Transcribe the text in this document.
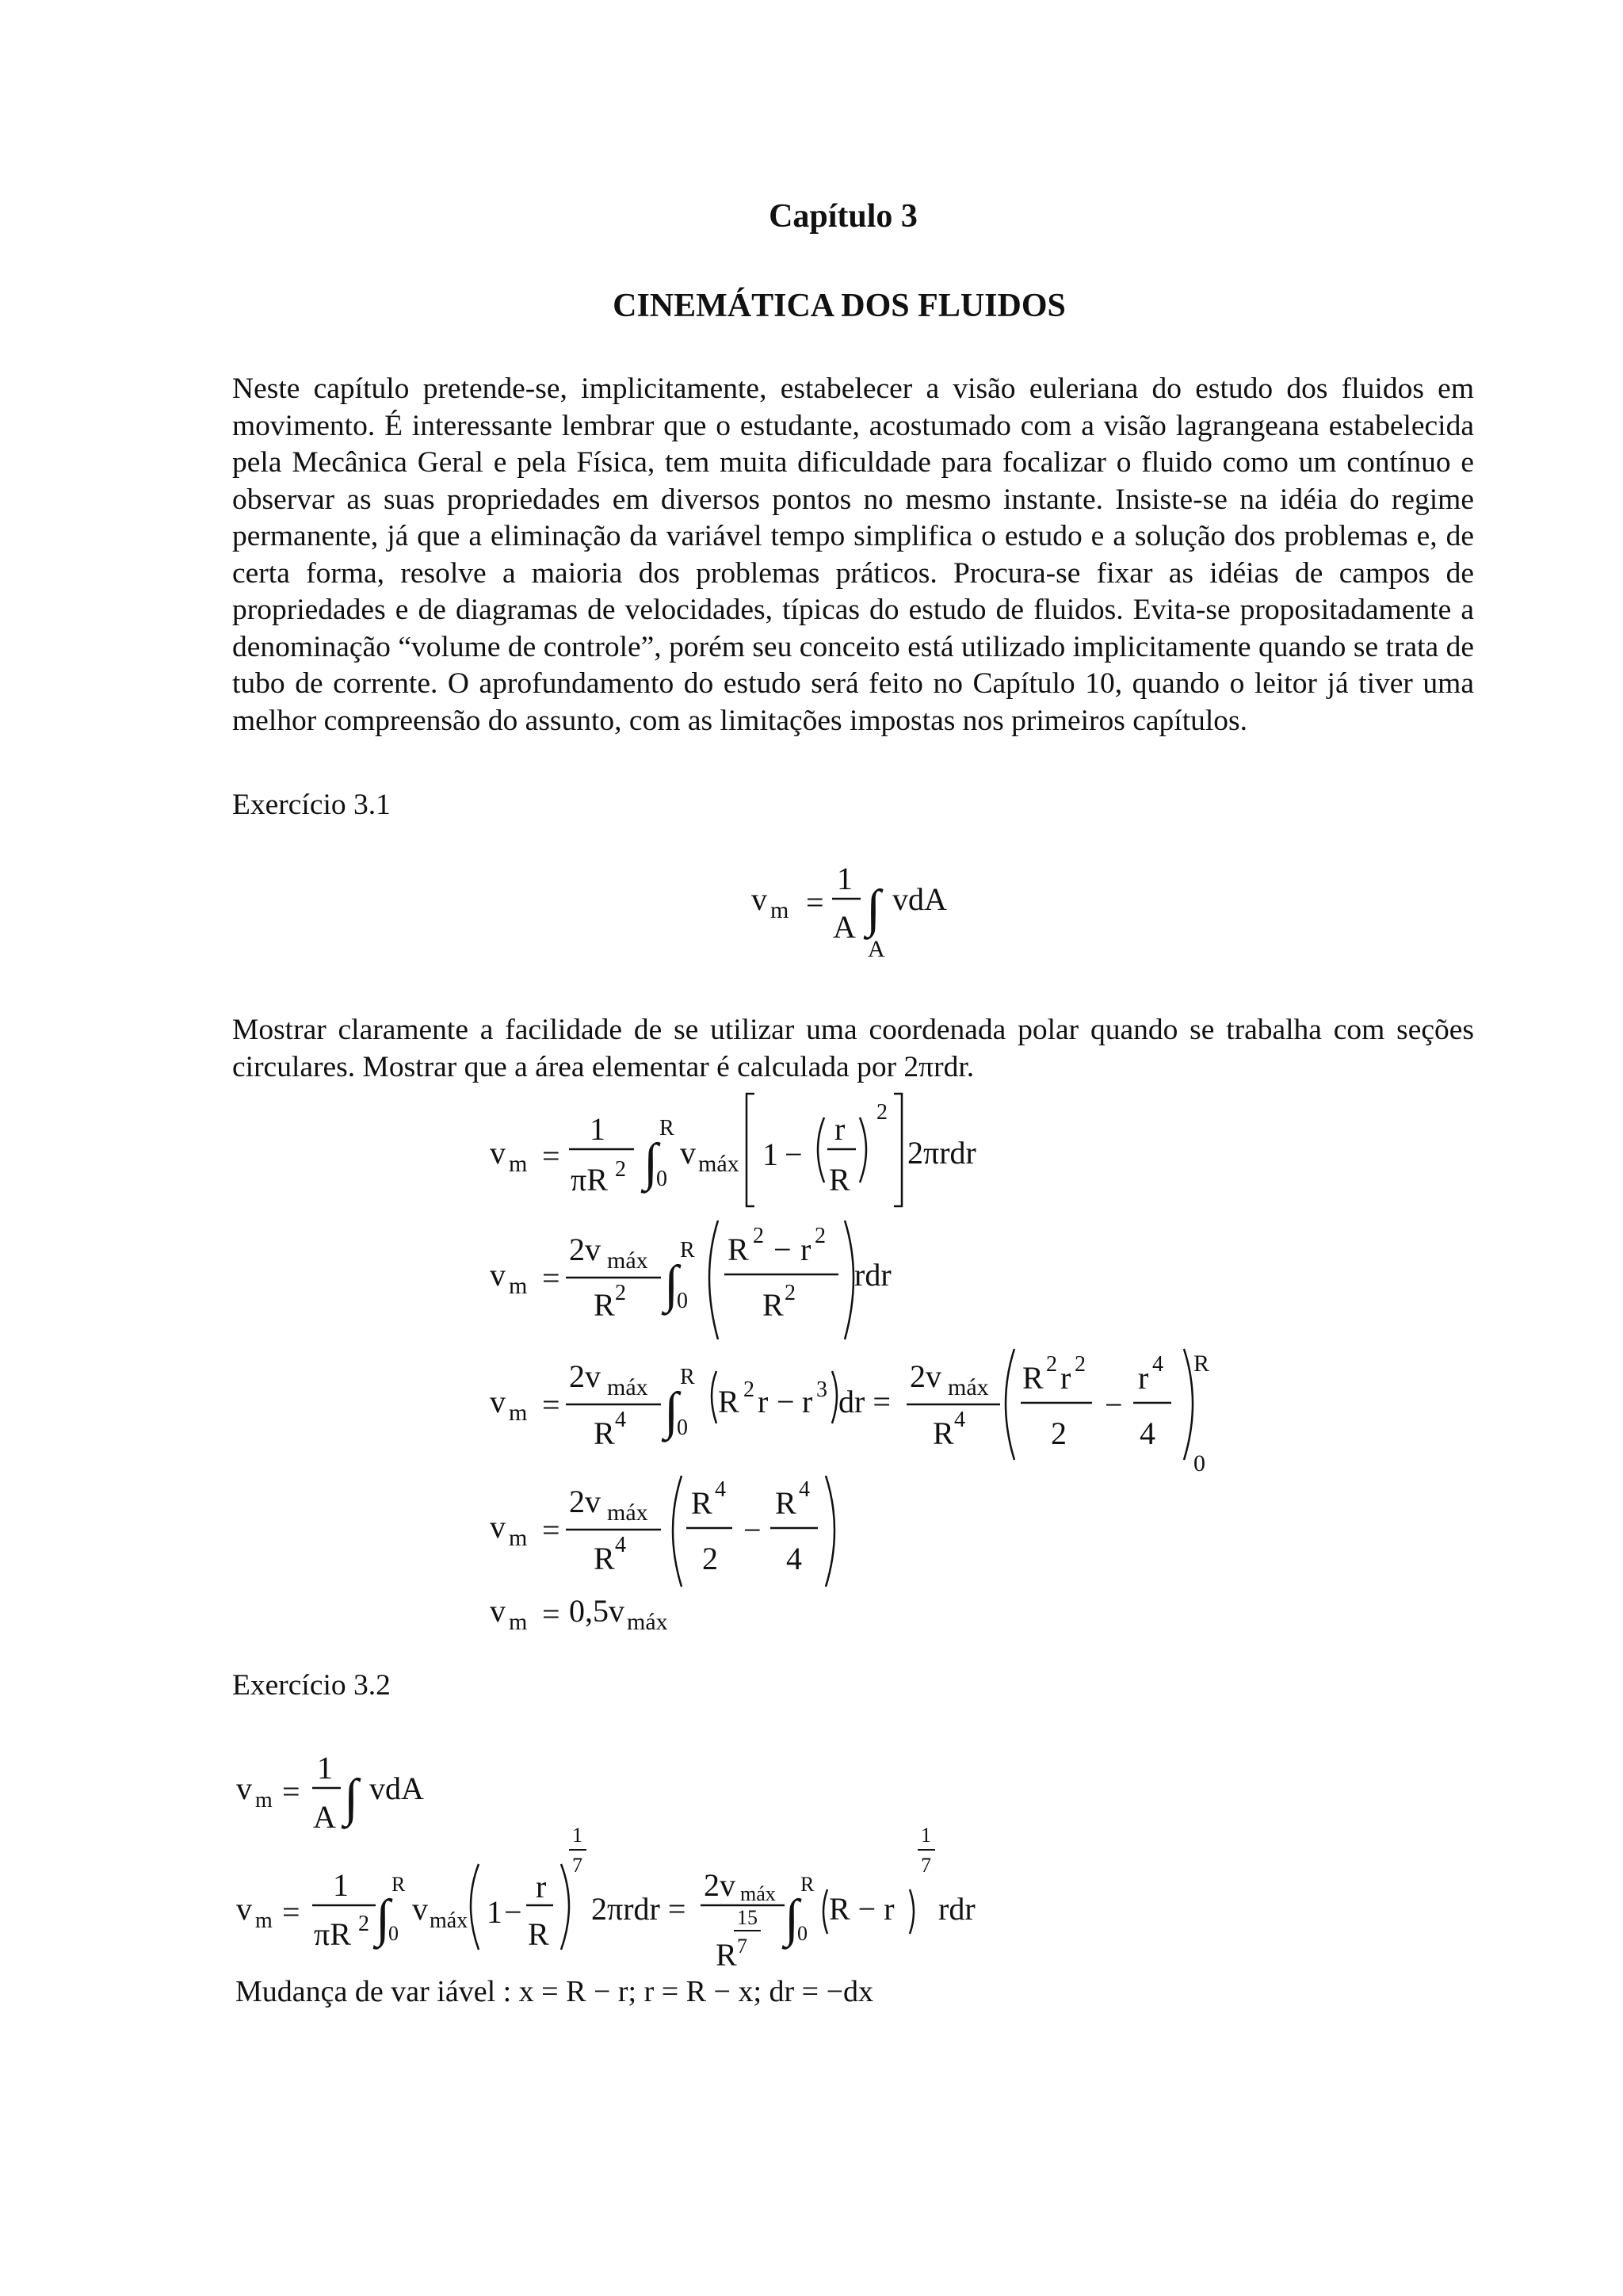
Capítulo 3
CINEMÁTICA DOS FLUIDOS
Neste capítulo pretende-se, implicitamente, estabelecer a visão euleriana do estudo dos fluidos em movimento. É interessante lembrar que o estudante, acostumado com a visão lagrangeana estabelecida pela Mecânica Geral e pela Física, tem muita dificuldade para focalizar o fluido como um contínuo e observar as suas propriedades em diversos pontos no mesmo instante. Insiste-se na idéia do regime permanente, já que a eliminação da variável tempo simplifica o estudo e a solução dos problemas e, de certa forma, resolve a maioria dos problemas práticos. Procura-se fixar as idéias de campos de propriedades e de diagramas de velocidades, típicas do estudo de fluidos. Evita-se propositadamente a denominação “volume de controle”, porém seu conceito está utilizado implicitamente quando se trata de tubo de corrente. O aprofundamento do estudo será feito no Capítulo 10, quando o leitor já tiver uma melhor compreensão do assunto, com as limitações impostas nos primeiros capítulos.
Exercício 3.1
Mostrar claramente a facilidade de se utilizar uma coordenada polar quando se trabalha com seções circulares. Mostrar que a área elementar é calculada por 2πrdr.
Exercício 3.2
Mudança de var iável : x = R − r; r = R − x; dr = −dx
v m =
1
A ∫
A
vdA
v m =
1
πR 2 ∫
R
0
v máx 1 −
r
R
2
2πrdr
v m =
2v máx
R 2 ∫
R
0
R 2 − r 2
R 2
rdr
v m =
2v máx
R 4 ∫
R
0
R 2 r − r 3 dr =
2v máx
R 4
R 2 r 2
2
−
r 4
4
R
0
v m =
2v máx
R 4
R 4
2
−
R 4
4
v m = 0,5v máx
v m =
1
A ∫ vdA
v m =
1
πR 2 ∫
R
0
v máx 1 −
r
R
1
7
2πrdr =
2v máx
15
R 7 ∫
R
0
R − r
1
7
rdr
